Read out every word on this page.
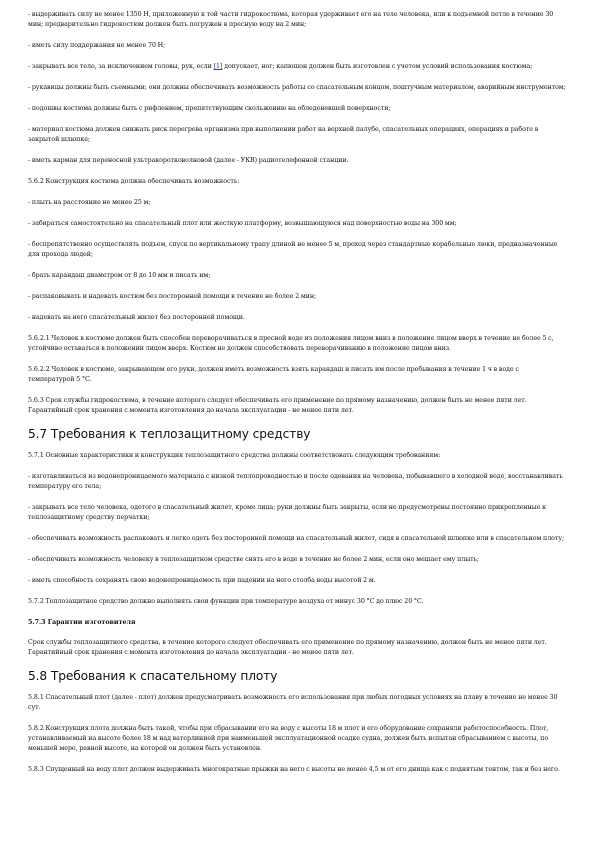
- выдерживать силу не менее 1350 Н, приложенную к той части гидрокостюма, которая удерживает его на теле человека, или к подъемной петле в течение 30 мин; предварительно гидрокостюм должен быть погружен в пресную воду на 2 мин;

- иметь силу поддержания не менее 70 Н;

- закрывать все тело, за исключением головы, рук, если [1] допускает, ног; капюшон должен быть изготовлен с учетом условий использования костюма;

- рукавицы должны быть съемными; они должны обеспечивать возможность работы со спасательным концом, поштучным материалом, аварийным инструментом;

- подошвы костюма должны быть с рифлением, препятствующим скольжению на обледеневшей поверхности;

- материал костюма должен снижать риск перегрева организма при выполнении работ на верхней палубе, спасательных операциях, операциях и работе в закрытой шлюпке;

- иметь карман для переносной ультракоротковолновой (далее - УКВ) радиотелефонной станции.

5.6.2 Конструкция костюма должна обеспечивать возможность:

- плыть на расстояние не менее 25 м;

- забираться самостоятельно на спасательный плот или жесткую платформу, возвышающуюся над поверхностью воды на 300 мм;

- беспрепятственно осуществлять подъем, спуск по вертикальному трапу длиной не менее 5 м, проход через стандартные корабельные люки, предназначенные для прохода людей;

- брать карандаш диаметром от 8 до 10 мм и писать им;

- распаковывать и надевать костюм без посторонней помощи в течение не более 2 мин;

- надевать на него спасательный жилет без посторонней помощи.

5.6.2.1 Человек в костюме должен быть способен переворачиваться в пресной воде из положения лицом вниз в положение лицом вверх в течение не более 5 с, устойчиво оставаться в положении лицом вверх. Костюм не должен способствовать переворачиванию в положение лицом вниз.

5.6.2.2 Человек в костюме, закрывающем его руки, должен иметь возможность взять карандаш и писать им после пребывания в течение 1 ч в воде с температурой 5 °C.

5.6.3 Срок службы гидрокостюма, в течение которого следует обеспечивать его применение по прямому назначению, должен быть не менее пяти лет. Гарантийный срок хранения с момента изготовления до начала эксплуатации - не менее пяти лет.

5.7 Требования к теплозащитному средству

5.7.1 Основные характеристики и конструкция теплозащитного средства должны соответствовать следующим требованиям:

- изготавливаться из водонепроницаемого материала с низкой теплопроводностью и после одевания на человека, побывавшего в холодной воде, восстанавливать температуру его тела;

- закрывать все тело человека, одетого в спасательный жилет, кроме лица; руки должны быть закрыты, если не предусмотрены постоянно прикрепленные к теплозащитному средству перчатки;

- обеспечивать возможность распаковать и легко одеть без посторонней помощи на спасательный жилет, сидя в спасательной шлюпке или в спасательном плоту;

- обеспечивать возможность человеку в теплозащитном средстве снять его в воде в течение не более 2 мин, если оно мешает ему плыть;

- иметь способность сохранять свою водонепроницаемость при падении на него столба воды высотой 2 м.

5.7.2 Теплозащитное средство должно выполнять свои функции при температуре воздуха от минус 30 °C до плюс 20 °C.

5.7.3 Гарантии изготовителя

Срок службы теплозащитного средства, в течение которого следует обеспечивать его применение по прямому назначению, должен быть не менее пяти лет. Гарантийный срок хранения с момента изготовления до начала эксплуатации - не менее пяти лет.

5.8 Требования к спасательному плоту

5.8.1 Спасательный плот (далее - плот) должен предусматривать возможность его использования при любых погодных условиях на плаву в течение не менее 30 сут.

5.8.2 Конструкция плота должна быть такой, чтобы при сбрасывании его на воду с высоты 18 м плот и его оборудование сохраняли работоспособность. Плот, устанавливаемый на высоте более 18 м над ватерлинией при наименьшей эксплуатационной осадке судна, должен быть испытан сбрасыванием с высоты, по меньшей мере, равной высоте, на которой он должен быть установлен.

5.8.3 Спущенный на воду плот должен выдерживать многократные прыжки на него с высоты не менее 4,5 м от его днища как с поднятым тентом, так и без него.
